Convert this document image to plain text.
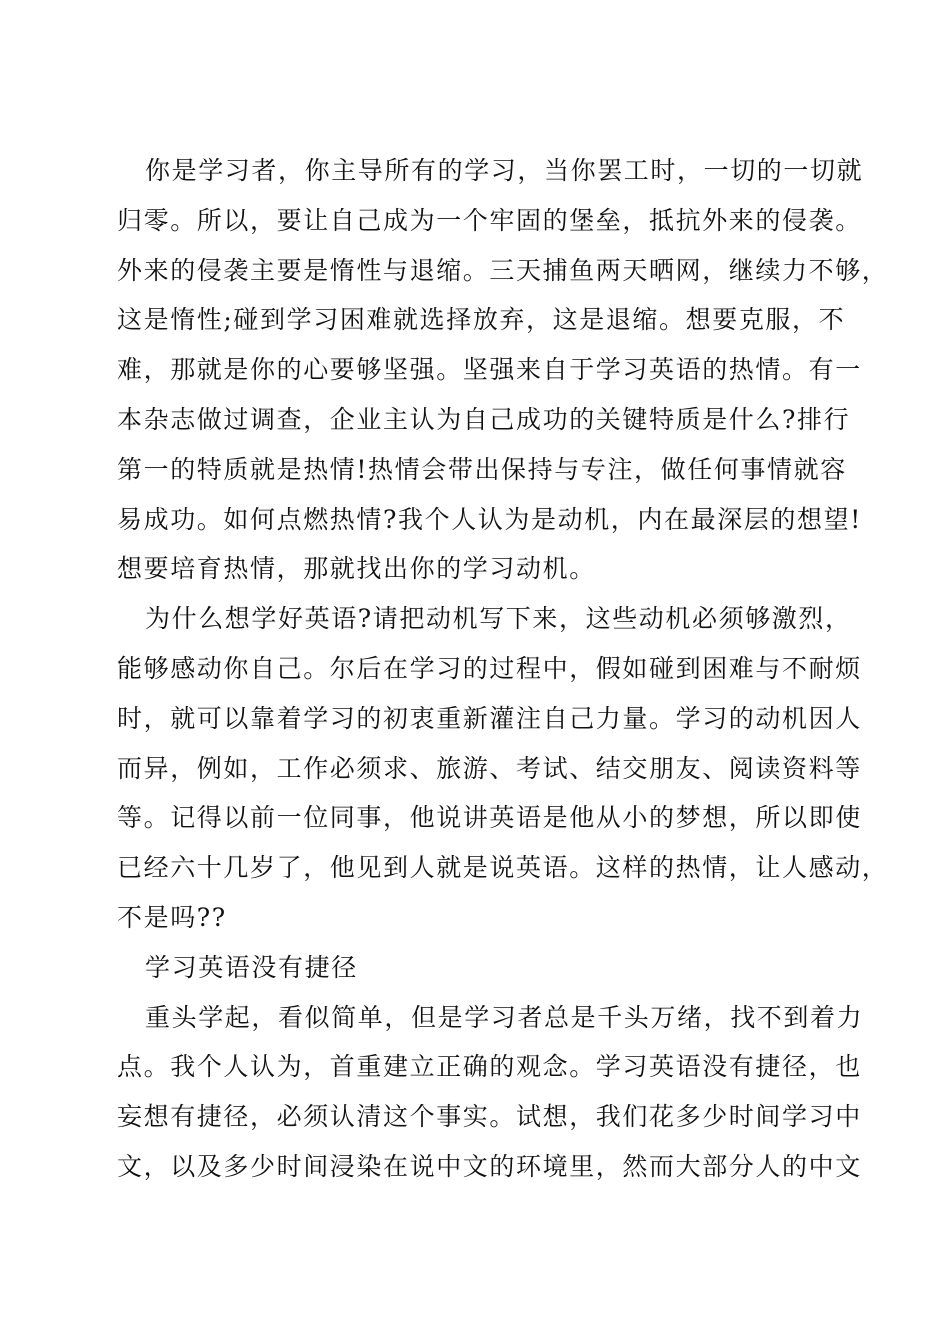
你是学习者，你主导所有的学习，当你罢工时，一切的一切就
归零。所以，要让自己成为一个牢固的堡垒，抵抗外来的侵袭。
外来的侵袭主要是惰性与退缩。三天捕鱼两天晒网，继续力不够，
这是惰性;碰到学习困难就选择放弃，这是退缩。想要克服，不
难，那就是你的心要够坚强。坚强来自于学习英语的热情。有一
本杂志做过调查，企业主认为自己成功的关键特质是什么?排行
第一的特质就是热情!热情会带出保持与专注，做任何事情就容
易成功。如何点燃热情?我个人认为是动机，内在最深层的想望!
想要培育热情，那就找出你的学习动机。
为什么想学好英语?请把动机写下来，这些动机必须够激烈，
能够感动你自己。尔后在学习的过程中，假如碰到困难与不耐烦
时，就可以靠着学习的初衷重新灌注自己力量。学习的动机因人
而异，例如，工作必须求、旅游、考试、结交朋友、阅读资料等
等。记得以前一位同事，他说讲英语是他从小的梦想，所以即使
已经六十几岁了，他见到人就是说英语。这样的热情，让人感动，
不是吗??
学习英语没有捷径
重头学起，看似简单，但是学习者总是千头万绪，找不到着力
点。我个人认为，首重建立正确的观念。学习英语没有捷径，也
妄想有捷径，必须认清这个事实。试想，我们花多少时间学习中
文，以及多少时间浸染在说中文的环境里，然而大部分人的中文
